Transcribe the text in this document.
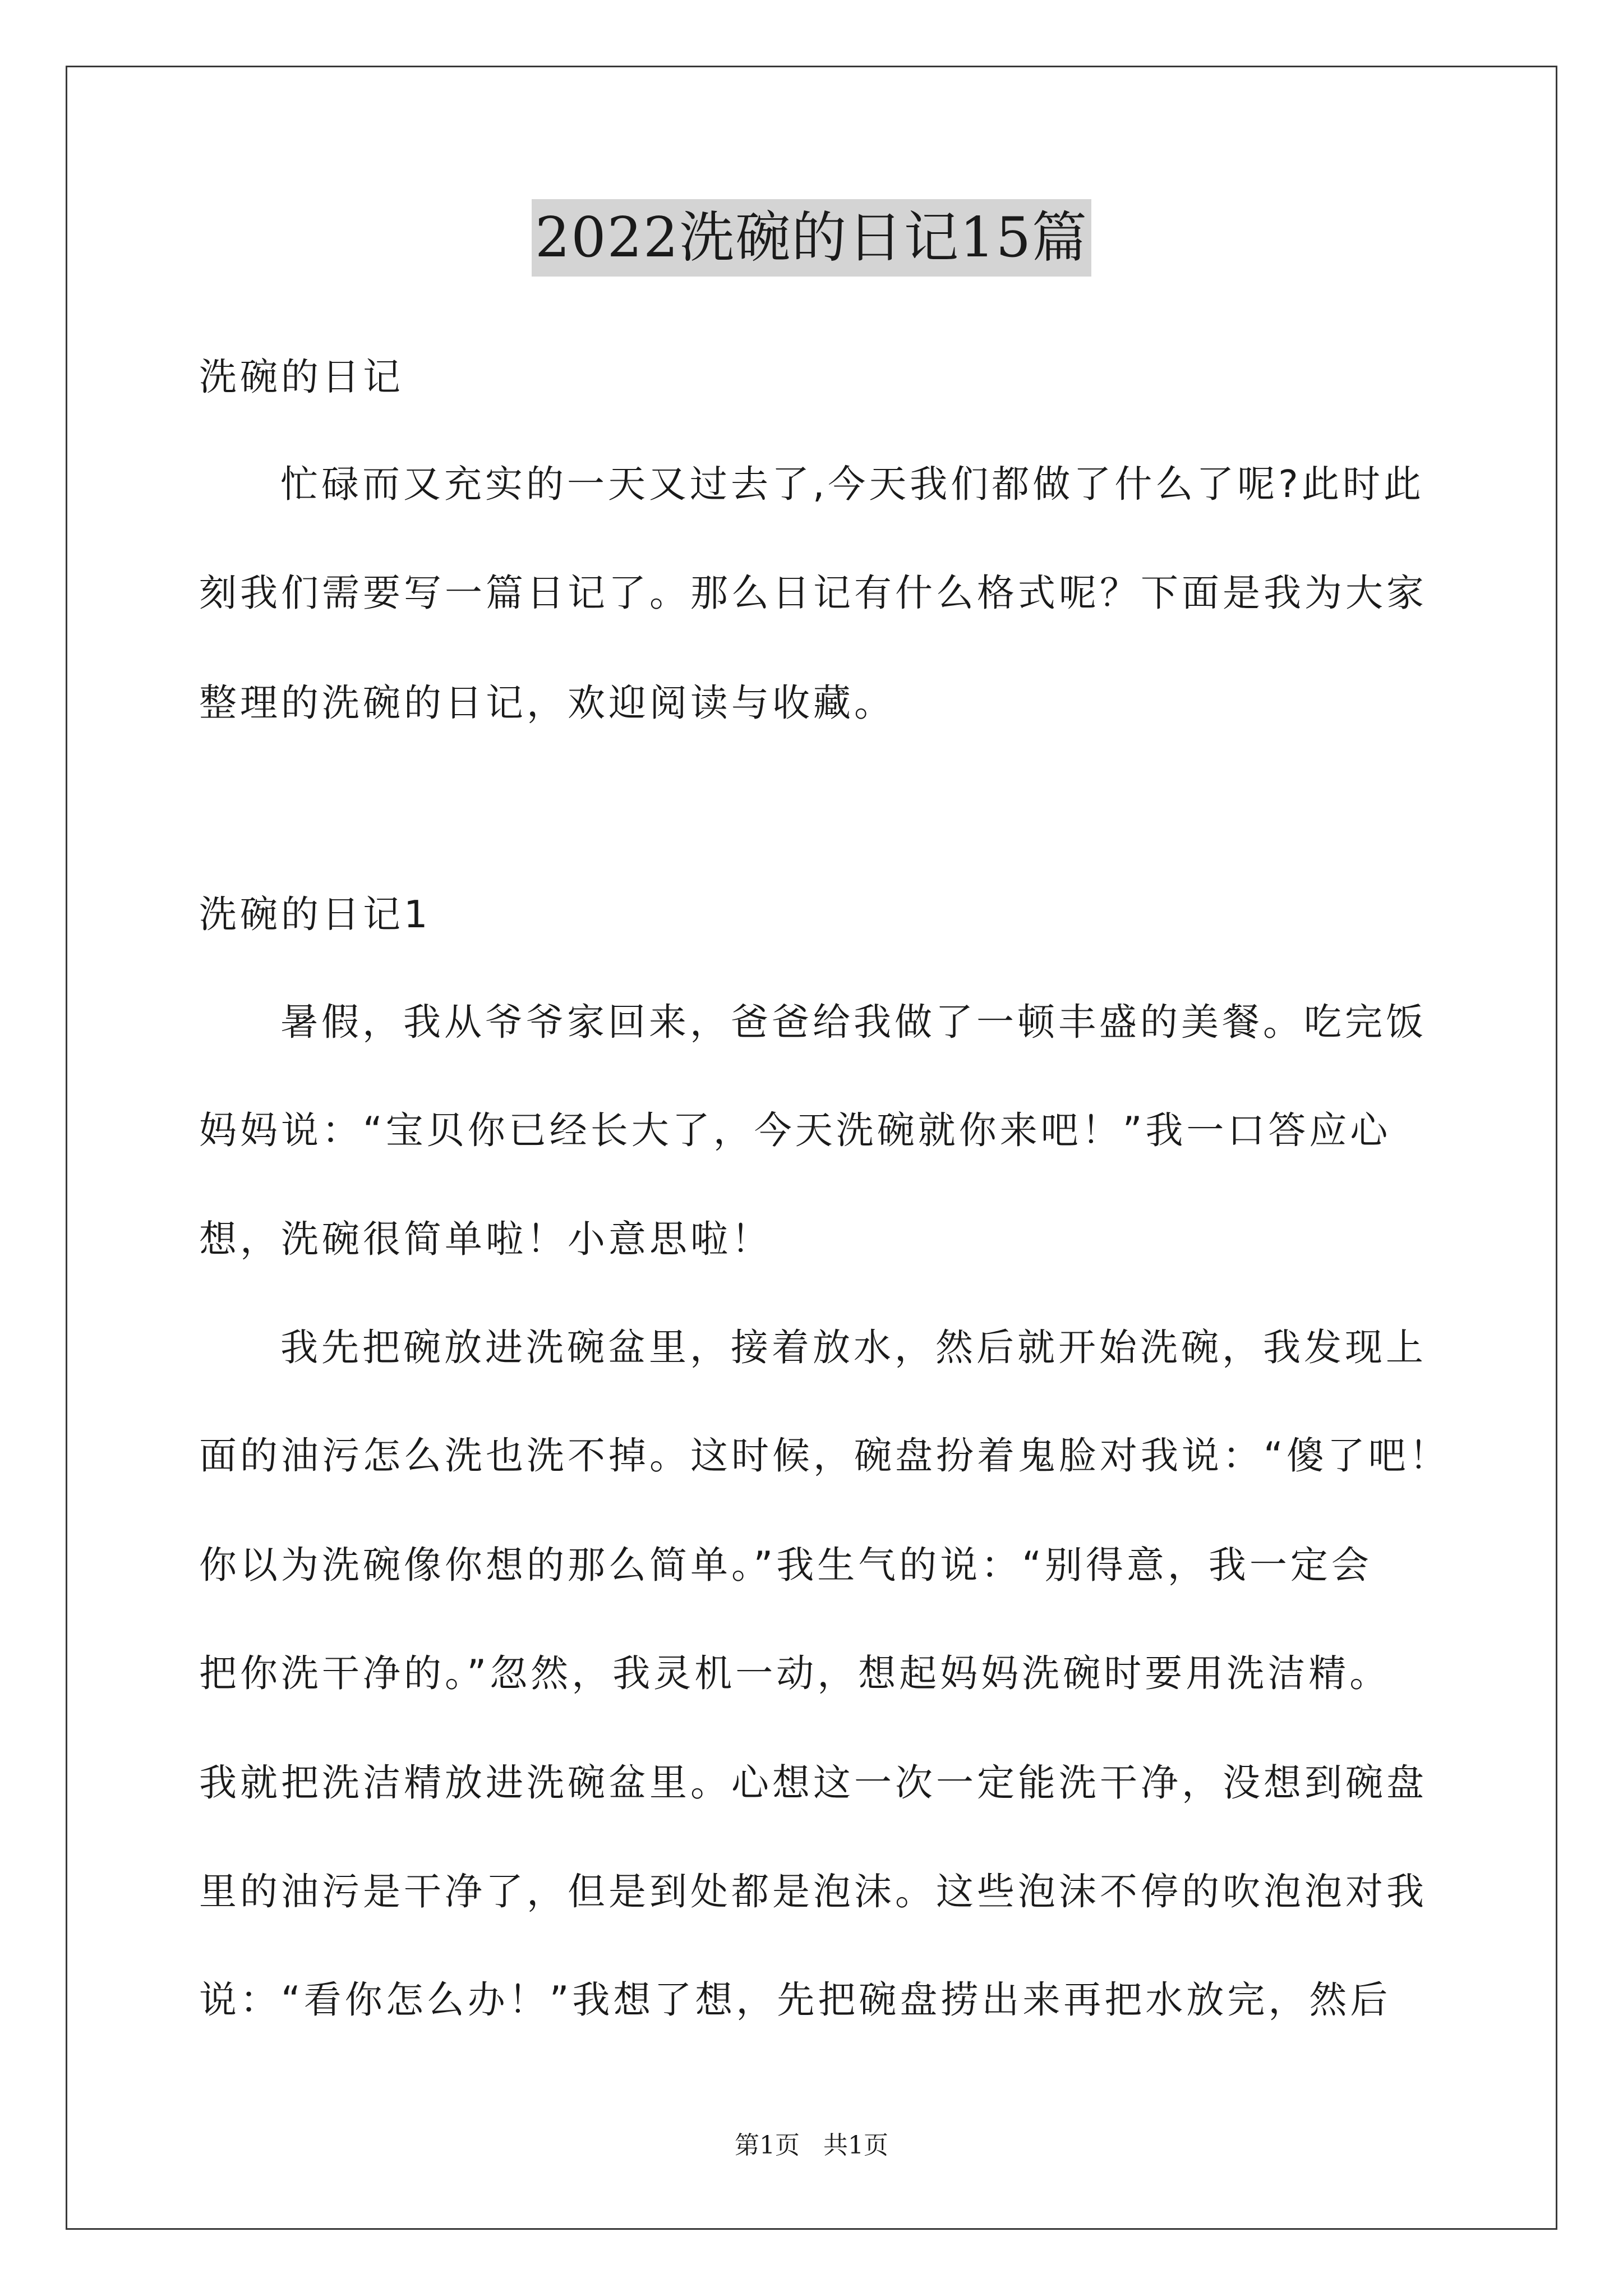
2022洗碗的日记15篇
洗碗的日记
忙碌而又充实的一天又过去了,今天我们都做了什么了呢?此时此
刻我们需要写一篇日记了。那么日记有什么格式呢？下面是我为大家
整理的洗碗的日记，欢迎阅读与收藏。
洗碗的日记1
暑假，我从爷爷家回来，爸爸给我做了一顿丰盛的美餐。吃完饭
妈妈说：“宝贝你已经长大了，今天洗碗就你来吧！”我一口答应心
想，洗碗很简单啦！小意思啦！
我先把碗放进洗碗盆里，接着放水，然后就开始洗碗，我发现上
面的油污怎么洗也洗不掉。这时候，碗盘扮着鬼脸对我说：“傻了吧！
你以为洗碗像你想的那么简单。”我生气的说：“别得意，我一定会
把你洗干净的。”忽然，我灵机一动，想起妈妈洗碗时要用洗洁精。
我就把洗洁精放进洗碗盆里。心想这一次一定能洗干净，没想到碗盘
里的油污是干净了，但是到处都是泡沫。这些泡沫不停的吹泡泡对我
说：“看你怎么办！”我想了想，先把碗盘捞出来再把水放完，然后
第1页   共1页
